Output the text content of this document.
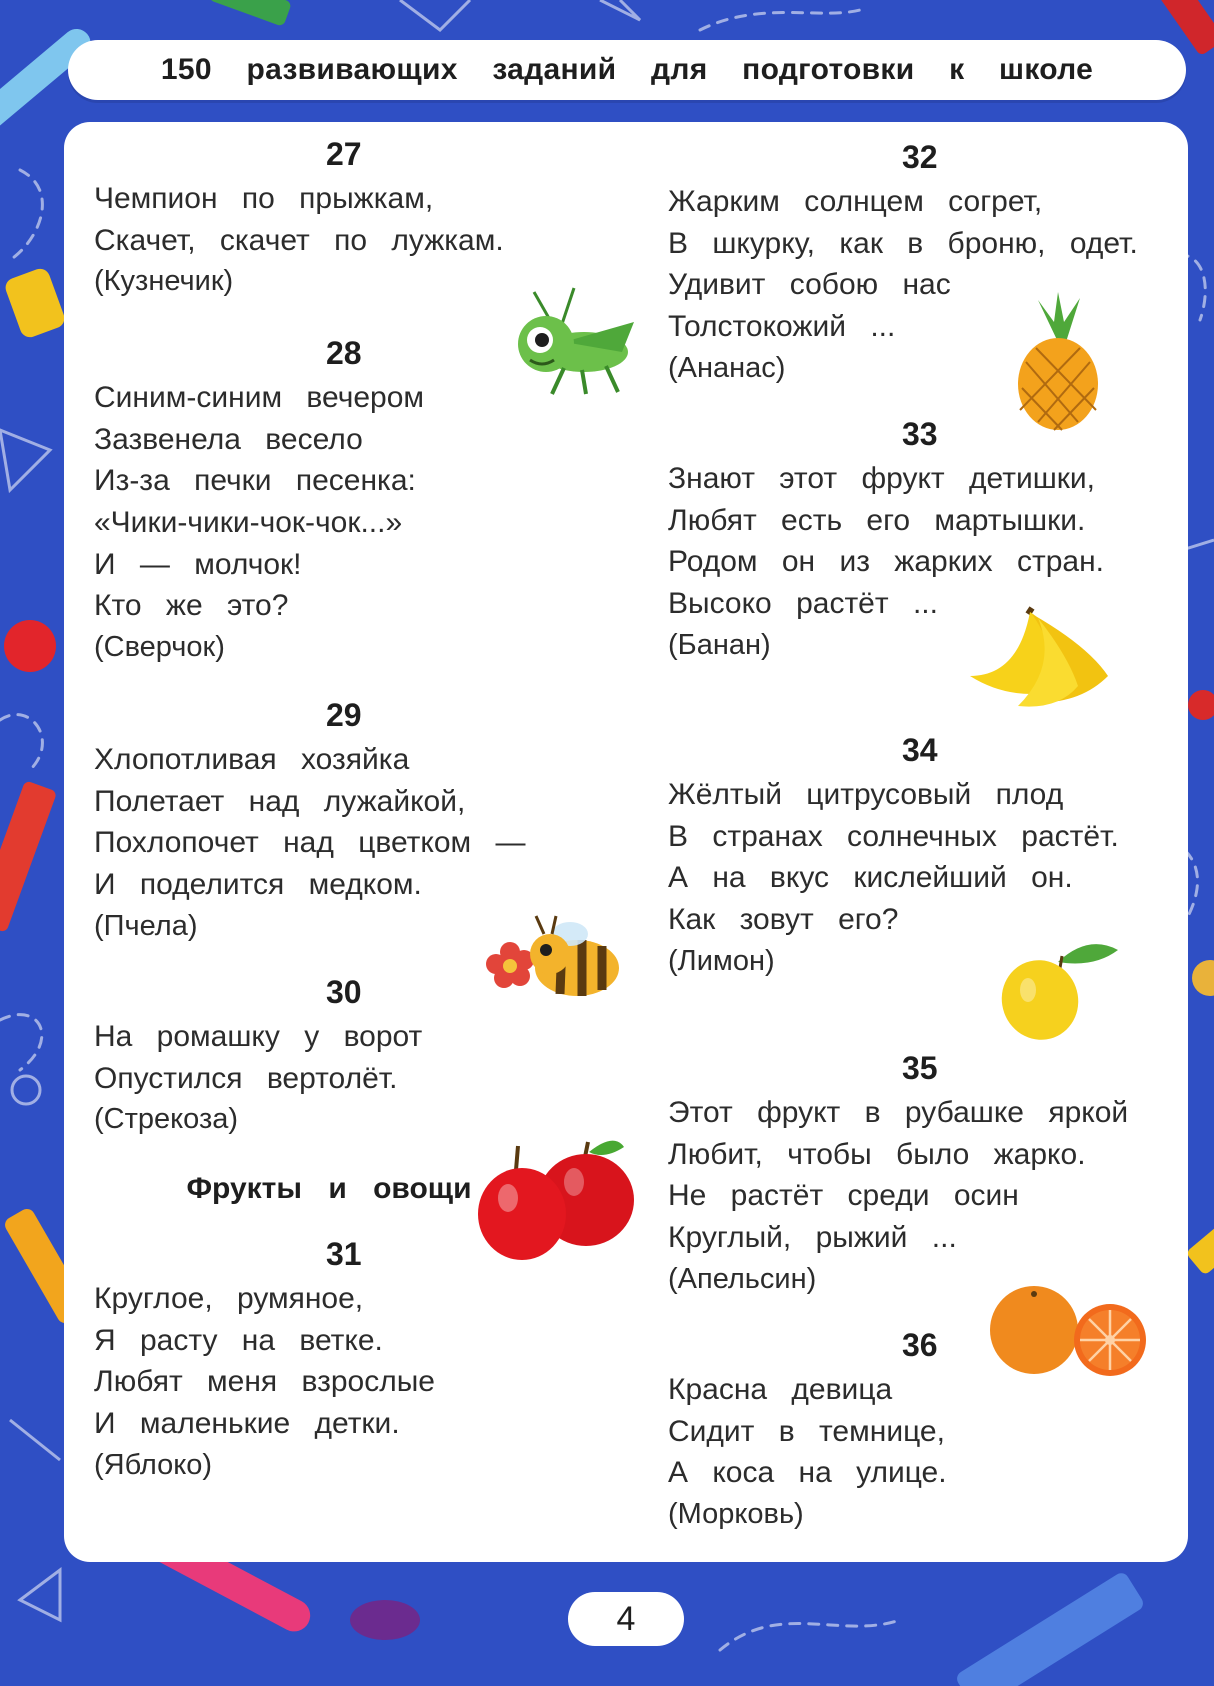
150 развивающих заданий для подготовки к школе
27
Чемпион по прыжкам,
Скачет, скачет по лужкам.
(Кузнечик)
28
Синим-синим вечером
Зазвенела весело
Из-за печки песенка:
«Чики-чики-чок-чок...»
И — молчок!
Кто же это?
(Сверчок)
29
Хлопотливая хозяйка
Полетает над лужайкой,
Похлопочет над цветком —
И поделится медком.
(Пчела)
30
На ромашку у ворот
Опустился вертолёт.
(Стрекоза)
Фрукты и овощи
31
Круглое, румяное,
Я расту на ветке.
Любят меня взрослые
И маленькие детки.
(Яблоко)
32
Жарким солнцем согрет,
В шкурку, как в броню, одет.
Удивит собою нас
Толстокожий ...
(Ананас)
33
Знают этот фрукт детишки,
Любят есть его мартышки.
Родом он из жарких стран.
Высоко растёт ...
(Банан)
34
Жёлтый цитрусовый плод
В странах солнечных растёт.
А на вкус кислейший он.
Как зовут его?
(Лимон)
35
Этот фрукт в рубашке яркой
Любит, чтобы было жарко.
Не растёт среди осин
Круглый, рыжий ...
(Апельсин)
36
Красна девица
Сидит в темнице,
А коса на улице.
(Морковь)
4
